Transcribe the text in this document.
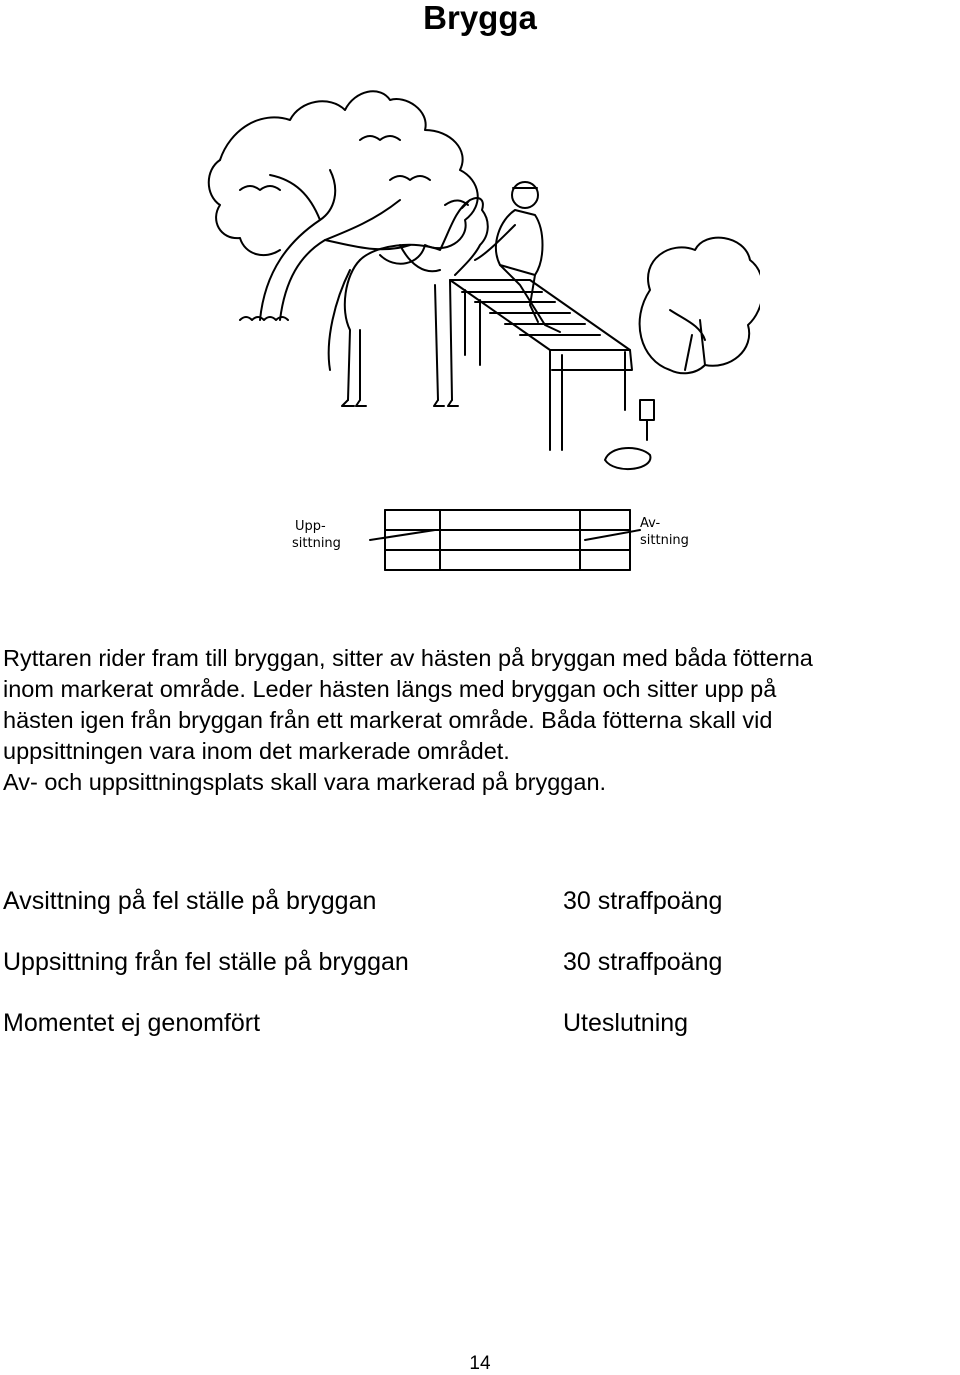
Brygga
Upp-
sittning
Av-
sittning

Ryttaren rider fram till bryggan, sitter av hästen på bryggan med båda fötterna
inom markerat område. Leder hästen längs med bryggan och sitter upp på
hästen igen från bryggan från ett markerat område. Båda fötterna skall vid
uppsittningen vara inom det markerade området.
Av- och uppsittningsplats skall vara markerad på bryggan.

Avsittning på fel ställe på bryggan	30 straffpoäng
Uppsittning från fel ställe på bryggan	30 straffpoäng
Momentet ej genomfört	Uteslutning
14
